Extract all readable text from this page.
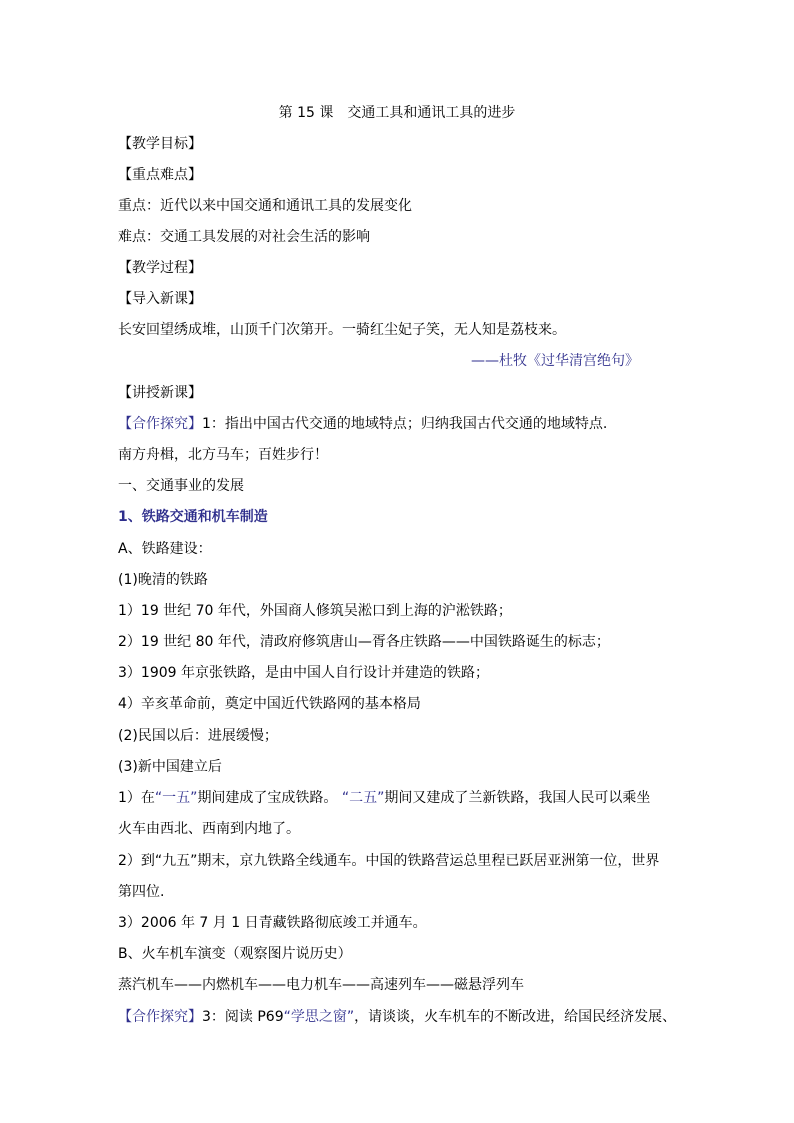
第 15 课　交通工具和通讯工具的进步
【教学目标】
【重点难点】
重点：近代以来中国交通和通讯工具的发展变化
难点：交通工具发展的对社会生活的影响
【教学过程】
【导入新课】
长安回望绣成堆，山顶千门次第开。一骑红尘妃子笑，无人知是荔枝来。
——杜牧《过华清宫绝句》
【讲授新课】
【合作探究】1：指出中国古代交通的地域特点；归纳我国古代交通的地域特点.
南方舟楫，北方马车；百姓步行！
一、交通事业的发展
1、铁路交通和机车制造
A、铁路建设：
(1)晚清的铁路
1）19 世纪 70 年代，外国商人修筑吴淞口到上海的沪淞铁路；
2）19 世纪 80 年代，清政府修筑唐山—胥各庄铁路——中国铁路诞生的标志；
3）1909 年京张铁路，是由中国人自行设计并建造的铁路；
4）辛亥革命前，奠定中国近代铁路网的基本格局
(2)民国以后：进展缓慢；
(3)新中国建立后
1）在“一五”期间建成了宝成铁路。 “二五”期间又建成了兰新铁路，我国人民可以乘坐
火车由西北、西南到内地了。
2）到“九五”期末，京九铁路全线通车。中国的铁路营运总里程已跃居亚洲第一位，世界
第四位.
3）2006 年 7 月 1 日青藏铁路彻底竣工并通车。
B、火车机车演变（观察图片说历史）
蒸汽机车——内燃机车——电力机车——高速列车——磁悬浮列车
【合作探究】3：阅读 P69“学思之窗”，请谈谈，火车机车的不断改进，给国民经济发展、
